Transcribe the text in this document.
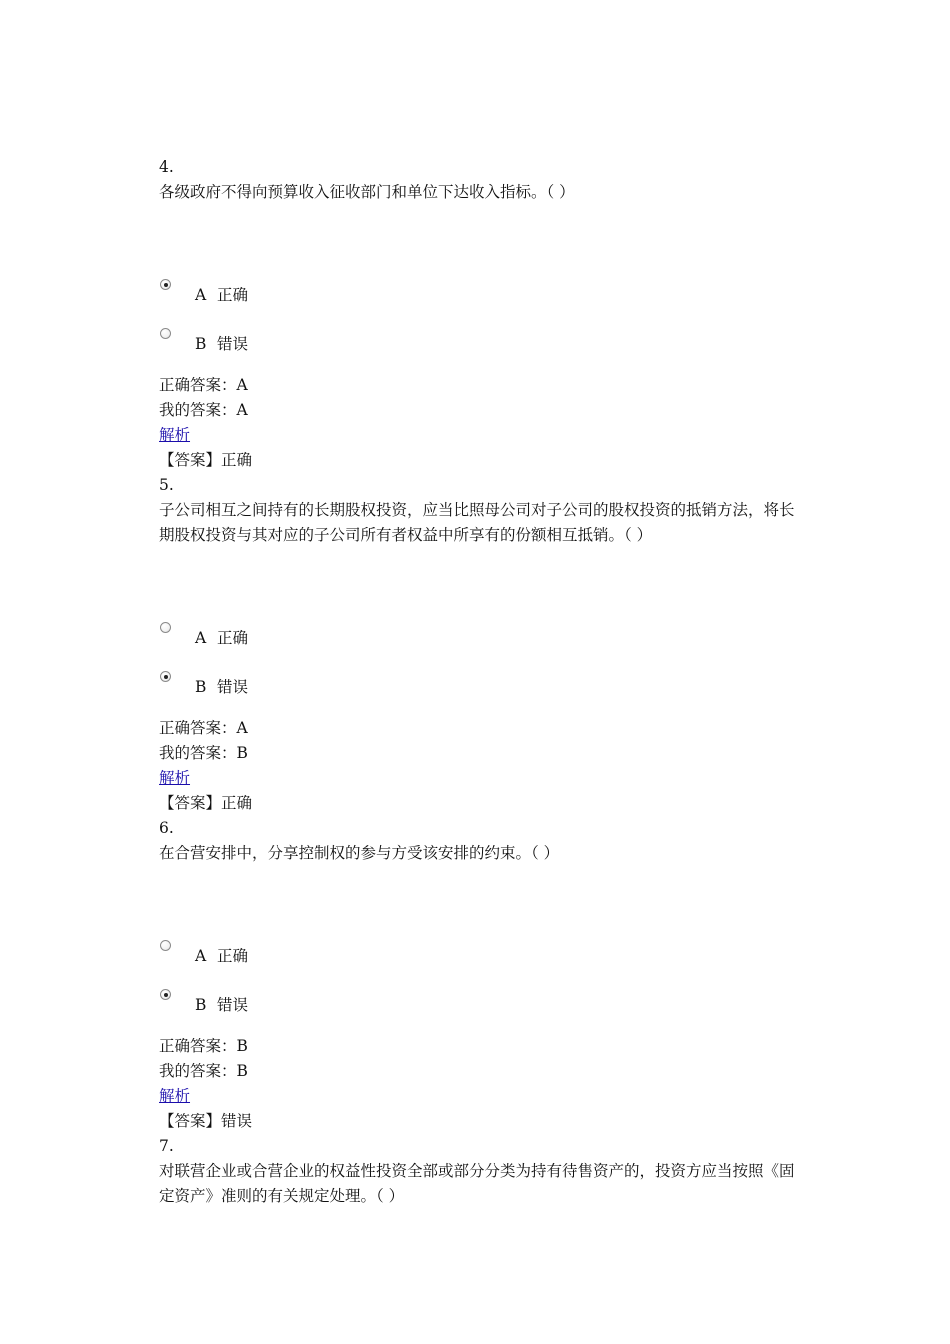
4.
各级政府不得向预算收入征收部门和单位下达收入指标。（ ）
A 正确
B 错误
正确答案：A
我的答案：A
解析
【答案】正确
5.
子公司相互之间持有的长期股权投资，应当比照母公司对子公司的股权投资的抵销方法，将长期股权投资与其对应的子公司所有者权益中所享有的份额相互抵销。（ ）
A 正确
B 错误
正确答案：A
我的答案：B
解析
【答案】正确
6.
在合营安排中，分享控制权的参与方受该安排的约束。（ ）
A 正确
B 错误
正确答案：B
我的答案：B
解析
【答案】错误
7.
对联营企业或合营企业的权益性投资全部或部分分类为持有待售资产的，投资方应当按照《固定资产》准则的有关规定处理。（ ）
